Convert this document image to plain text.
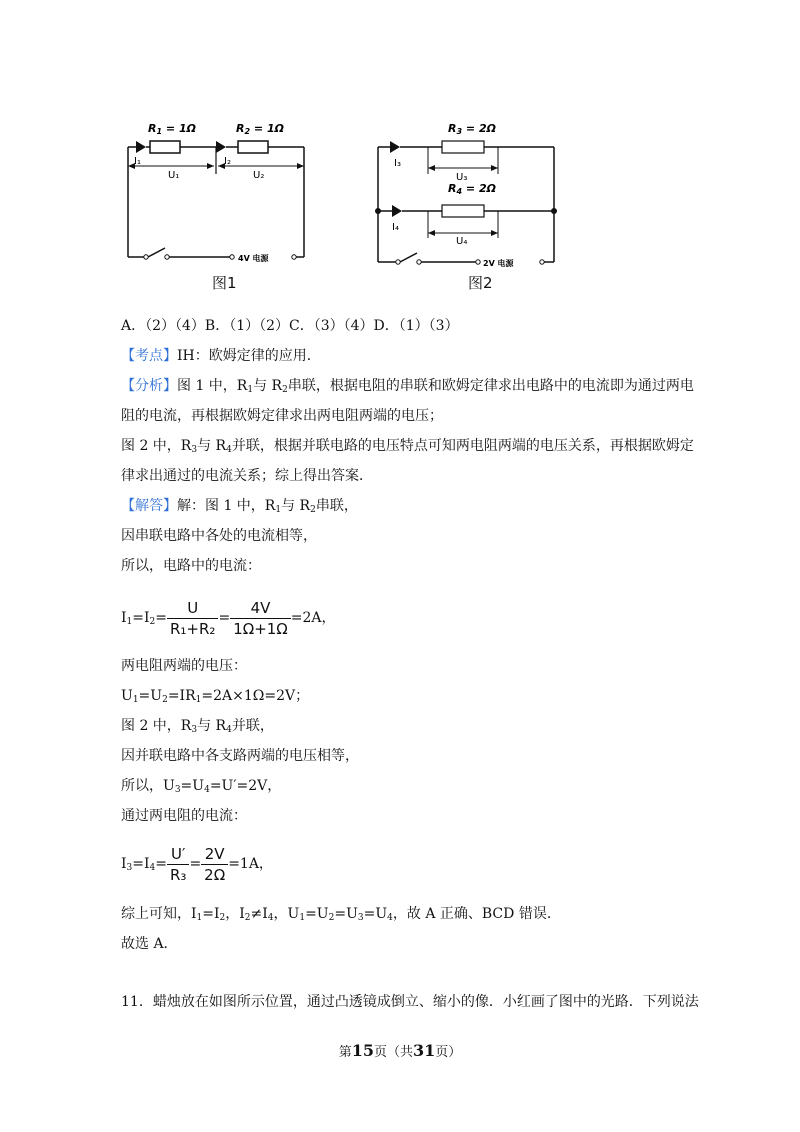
R1 = 1Ω	R2 = 1Ω
I₁	I₂
U₁	U₂
4V 电源
图1
R3 = 2Ω
R4 = 2Ω
I₃
I₄
U₃
U₄
2V 电源
图2
A．（2）（4）B．（1）（2）C．（3）（4）D．（1）（3）
【考点】IH：欧姆定律的应用．
【分析】图 1 中，$R_1$与 $R_2$串联，根据电阻的串联和欧姆定律求出电路中的电流即为通过两电
阻的电流，再根据欧姆定律求出两电阻两端的电压；
图 2 中，$R_3$与 $R_4$并联，根据并联电路的电压特点可知两电阻两端的电压关系，再根据欧姆定
律求出通过的电流关系；综上得出答案．
【解答】解：图 1 中，$R_1$与 $R_2$串联，
因串联电路中各处的电流相等，
所以，电路中的电流：
$I_1=I_2= \frac{U}{\text{R₁+R₂}} = \frac{4V}{1\Omega+1\Omega} =2A$，
两电阻两端的电压：
$U_1=U_2=IR_1=2A\times 1\Omega=2V$；
图 2 中，$R_3$与 $R_4$并联，
因并联电路中各支路两端的电压相等，
所以，$U_3=U_4=U'=2V$，
通过两电阻的电流：
$I_3=I_4= \frac{U'}{\text{R₃}} = \frac{2V}{2\Omega} =1A$，
综上可知，$I_1=I_2$，$I_2\ne I_4$，$U_1=U_2=U_3=U_4$，故 A 正确、BCD 错误．
故选 A．
11．蜡烛放在如图所示位置，通过凸透镜成倒立、缩小的像．小红画了图中的光路．下列说法
第15页（共31页）
